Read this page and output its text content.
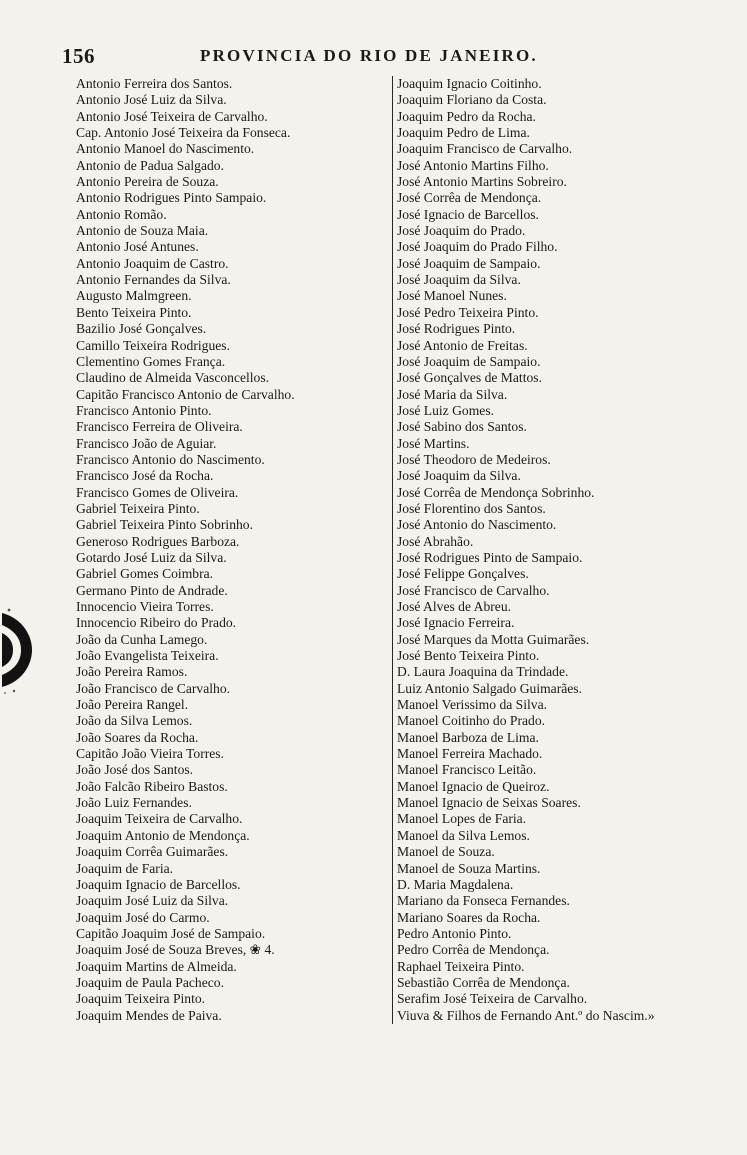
156	PROVINCIA DO RIO DE JANEIRO.
Antonio Ferreira dos Santos.
Antonio José Luiz da Silva.
Antonio José Teixeira de Carvalho.
Cap. Antonio José Teixeira da Fonseca.
Antonio Manoel do Nascimento.
Antonio de Padua Salgado.
Antonio Pereira de Souza.
Antonio Rodrigues Pinto Sampaio.
Antonio Romão.
Antonio de Souza Maia.
Antonio José Antunes.
Antonio Joaquim de Castro.
Antonio Fernandes da Silva.
Augusto Malmgreen.
Bento Teixeira Pinto.
Bazilio José Gonçalves.
Camillo Teixeira Rodrigues.
Clementino Gomes França.
Claudino de Almeida Vasconcellos.
Capitão Francisco Antonio de Carvalho.
Francisco Antonio Pinto.
Francisco Ferreira de Oliveira.
Francisco João de Aguiar.
Francisco Antonio do Nascimento.
Francisco José da Rocha.
Francisco Gomes de Oliveira.
Gabriel Teixeira Pinto.
Gabriel Teixeira Pinto Sobrinho.
Generoso Rodrigues Barboza.
Gotardo José Luiz da Silva.
Gabriel Gomes Coimbra.
Germano Pinto de Andrade.
Innocencio Vieira Torres.
Innocencio Ribeiro do Prado.
João da Cunha Lamego.
João Evangelista Teixeira.
João Pereira Ramos.
João Francisco de Carvalho.
João Pereira Rangel.
João da Silva Lemos.
João Soares da Rocha.
Capitão João Vieira Torres.
João José dos Santos.
João Falcão Ribeiro Bastos.
João Luiz Fernandes.
Joaquim Teixeira de Carvalho.
Joaquim Antonio de Mendonça.
Joaquim Corrêa Guimarães.
Joaquim de Faria.
Joaquim Ignacio de Barcellos.
Joaquim José Luiz da Silva.
Joaquim José do Carmo.
Capitão Joaquim José de Sampaio.
Joaquim José de Souza Breves, ❀ 4.
Joaquim Martins de Almeida.
Joaquim de Paula Pacheco.
Joaquim Teixeira Pinto.
Joaquim Mendes de Paiva.
Joaquim Ignacio Coitinho.
Joaquim Floriano da Costa.
Joaquim Pedro da Rocha.
Joaquim Pedro de Lima.
Joaquim Francisco de Carvalho.
José Antonio Martins Filho.
José Antonio Martins Sobreiro.
José Corrêa de Mendonça.
José Ignacio de Barcellos.
José Joaquim do Prado.
José Joaquim do Prado Filho.
José Joaquim de Sampaio.
José Joaquim da Silva.
José Manoel Nunes.
José Pedro Teixeira Pinto.
José Rodrigues Pinto.
José Antonio de Freitas.
José Joaquim de Sampaio.
José Gonçalves de Mattos.
José Maria da Silva.
José Luiz Gomes.
José Sabino dos Santos.
José Martins.
José Theodoro de Medeiros.
José Joaquim da Silva.
José Corrêa de Mendonça Sobrinho.
José Florentino dos Santos.
José Antonio do Nascimento.
José Abrahão.
José Rodrigues Pinto de Sampaio.
José Felippe Gonçalves.
José Francisco de Carvalho.
José Alves de Abreu.
José Ignacio Ferreira.
José Marques da Motta Guimarães.
José Bento Teixeira Pinto.
D. Laura Joaquina da Trindade.
Luiz Antonio Salgado Guimarães.
Manoel Verissimo da Silva.
Manoel Coitinho do Prado.
Manoel Barboza de Lima.
Manoel Ferreira Machado.
Manoel Francisco Leitão.
Manoel Ignacio de Queiroz.
Manoel Ignacio de Seixas Soares.
Manoel Lopes de Faria.
Manoel da Silva Lemos.
Manoel de Souza.
Manoel de Souza Martins.
D. Maria Magdalena.
Mariano da Fonseca Fernandes.
Mariano Soares da Rocha.
Pedro Antonio Pinto.
Pedro Corrêa de Mendonça.
Raphael Teixeira Pinto.
Sebastião Corrêa de Mendonça.
Serafim José Teixeira de Carvalho.
Viuva & Filhos de Fernando Ant.º do Nascim.»
